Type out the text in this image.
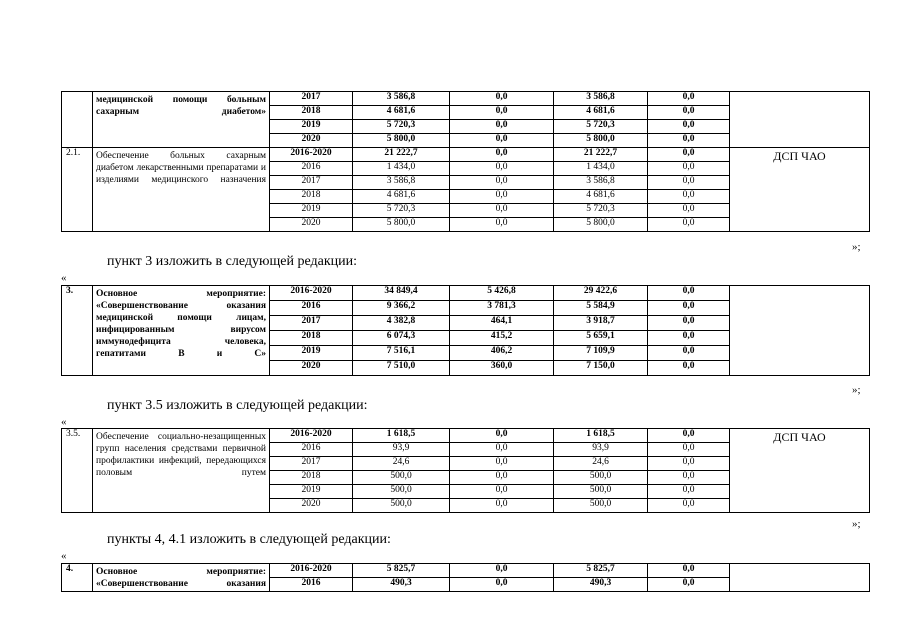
	медицинской помощи больным сахарным диабетом»	2017	3 586,8	0,0	3 586,8	0,0	
		2018	4 681,6	0,0	4 681,6	0,0	
		2019	5 720,3	0,0	5 720,3	0,0	
		2020	5 800,0	0,0	5 800,0	0,0	
2.1.	Обеспечение больных сахарным диабетом лекарственными препаратами и изделиями медицинского назначения	2016-2020	21 222,7	0,0	21 222,7	0,0	ДСП ЧАО
		2016	1 434,0	0,0	1 434,0	0,0	
		2017	3 586,8	0,0	3 586,8	0,0	
		2018	4 681,6	0,0	4 681,6	0,0	
		2019	5 720,3	0,0	5 720,3	0,0	
		2020	5 800,0	0,0	5 800,0	0,0	
»;
пункт 3 изложить в следующей редакции:
«
3.	Основное мероприятие: «Совершенствование оказания медицинской помощи лицам, инфицированным вирусом иммунодефицита человека, гепатитами В и С»	2016-2020	34 849,4	5 426,8	29 422,6	0,0	
		2016	9 366,2	3 781,3	5 584,9	0,0	
		2017	4 382,8	464,1	3 918,7	0,0	
		2018	6 074,3	415,2	5 659,1	0,0	
		2019	7 516,1	406,2	7 109,9	0,0	
		2020	7 510,0	360,0	7 150,0	0,0	
»;
пункт 3.5 изложить в следующей редакции:
«
3.5.	Обеспечение социально-незащищенных групп населения средствами первичной профилактики инфекций, передающихся половым путем	2016-2020	1 618,5	0,0	1 618,5	0,0	ДСП ЧАО
		2016	93,9	0,0	93,9	0,0	
		2017	24,6	0,0	24,6	0,0	
		2018	500,0	0,0	500,0	0,0	
		2019	500,0	0,0	500,0	0,0	
		2020	500,0	0,0	500,0	0,0	
»;
пункты 4, 4.1 изложить в следующей редакции:
«
4.	Основное мероприятие: «Совершенствование оказания	2016-2020	5 825,7	0,0	5 825,7	0,0	
		2016	490,3	0,0	490,3	0,0	
